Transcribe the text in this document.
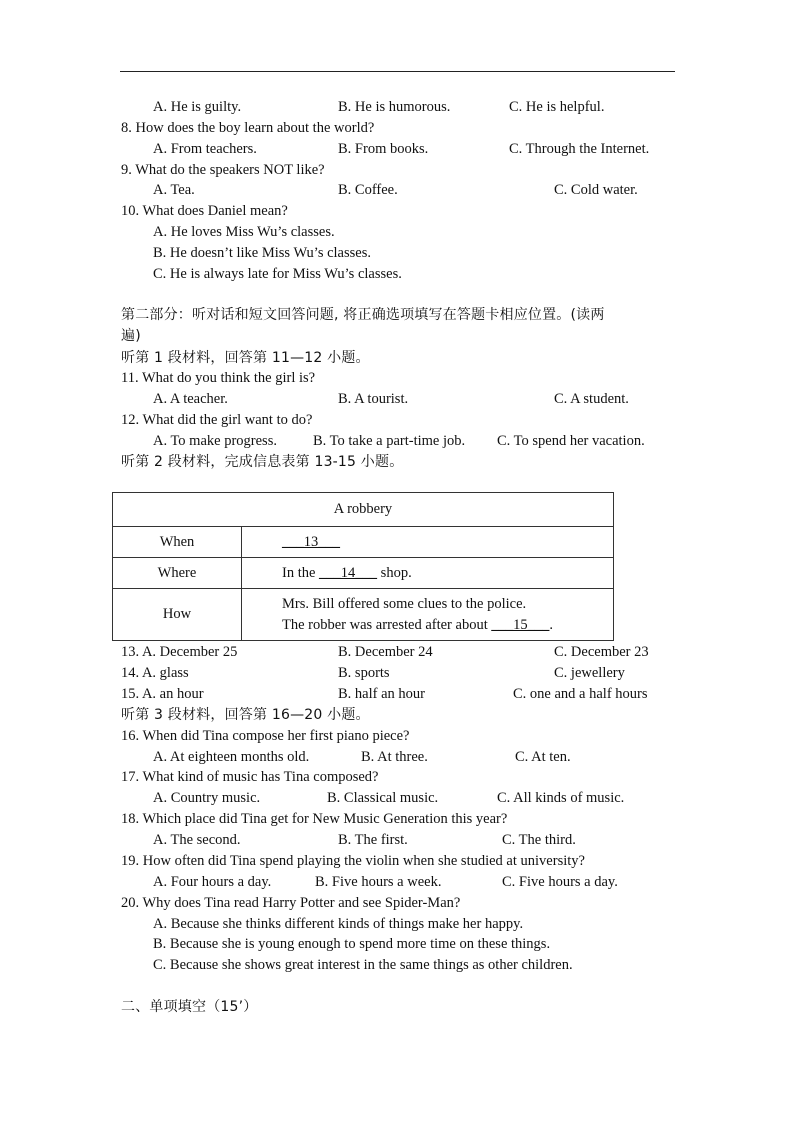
A. He is guilty.	B. He is humorous.	C. He is helpful.
8. How does the boy learn about the world?
A. From teachers.	B. From books.	C. Through the Internet.
9. What do the speakers NOT like?
A. Tea.	B. Coffee.	C. Cold water.
10. What does Daniel mean?
A. He loves Miss Wu’s classes.
B. He doesn’t like Miss Wu’s classes.
C. He is always late for Miss Wu’s classes.
第二部分：听对话和短文回答问题, 将正确选项填写在答题卡相应位置。(读两
遍)
听第 1 段材料，回答第 11—12 小题。
11. What do you think the girl is?
A. A teacher.	B. A tourist.	C. A student.
12. What did the girl want to do?
A. To make progress. B. To take a part-time job. C. To spend her vacation.
听第 2 段材料，完成信息表第 13-15 小题。
A robbery	
When	___13___
Where	In the ___14___ shop.
How	Mrs. Bill offered some clues to the police.
The robber was arrested after about ___15___.
13. A. December 25	B. December 24	C. December 23
14. A. glass	B. sports	C. jewellery
15. A. an hour	B. half an hour	C. one and a half hours
听第 3 段材料，回答第 16—20 小题。
16. When did Tina compose her first piano piece?
A. At eighteen months old.	B. At three.	C. At ten.
17. What kind of music has Tina composed?
A. Country music.	B. Classical music.	C. All kinds of music.
18. Which place did Tina get for New Music Generation this year?
A. The second.	B. The first.	C. The third.
19. How often did Tina spend playing the violin when she studied at university?
A. Four hours a day.	B. Five hours a week.	C. Five hours a day.
20. Why does Tina read Harry Potter and see Spider-Man?
A. Because she thinks different kinds of things make her happy.
B. Because she is young enough to spend more time on these things.
C. Because she shows great interest in the same things as other children.
二、单项填空（15’）
